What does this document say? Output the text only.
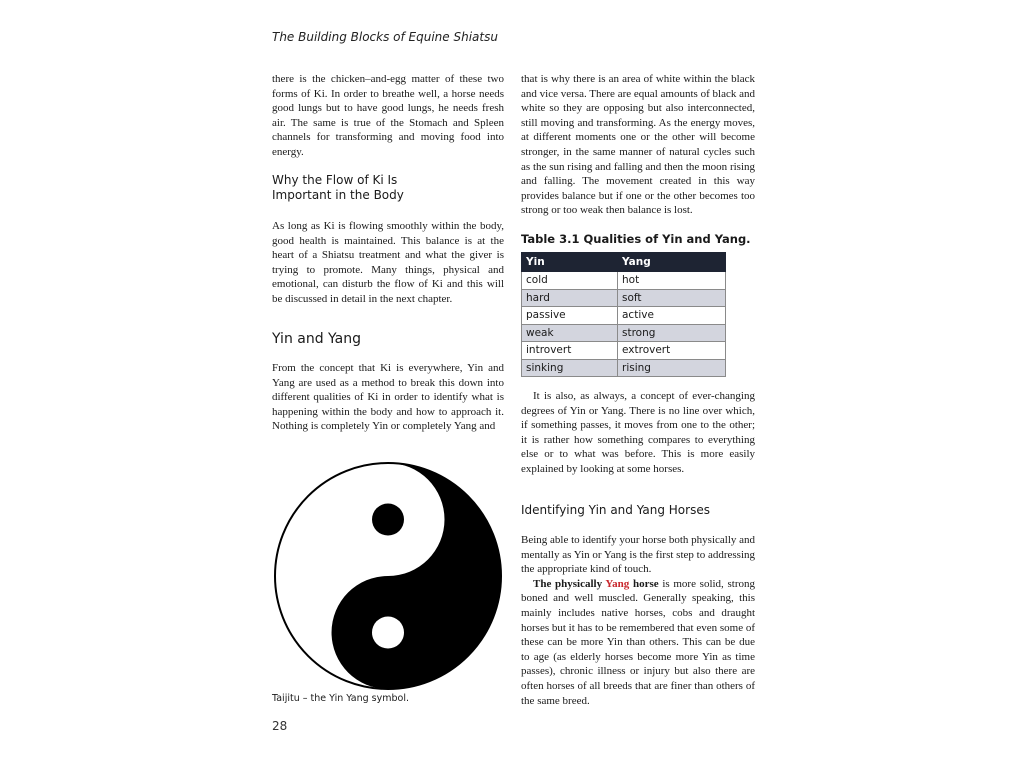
The Building Blocks of Equine Shiatsu

there is the chicken–and-egg matter of these two forms of Ki. In order to breathe well, a horse needs good lungs but to have good lungs, he needs fresh air. The same is true of the Stomach and Spleen channels for transforming and moving food into energy.

Why the Flow of Ki Is
Important in the Body

As long as Ki is flowing smoothly within the body, good health is maintained. This balance is at the heart of a Shiatsu treatment and what the giver is trying to promote. Many things, physical and emotional, can disturb the flow of Ki and this will be discussed in detail in the next chapter.

Yin and Yang

From the concept that Ki is everywhere, Yin and Yang are used as a method to break this down into different qualities of Ki in order to identify what is happening within the body and how to approach it. Nothing is completely Yin or completely Yang and

Taijitu – the Yin Yang symbol.
28

that is why there is an area of white within the black and vice versa. There are equal amounts of black and white so they are opposing but also interconnected, still moving and transforming. As the energy moves, at different moments one or the other will become stronger, in the same manner of natural cycles such as the sun rising and falling and then the moon rising and falling. The movement created in this way provides balance but if one or the other becomes too strong or too weak then balance is lost.

Table 3.1 Qualities of Yin and Yang.
Yin	Yang
cold	hot
hard	soft
passive	active
weak	strong
introvert	extrovert
sinking	rising

It is also, as always, a concept of ever-changing degrees of Yin or Yang. There is no line over which, if something passes, it moves from one to the other; it is rather how something compares to everything else or to what was before. This is more easily explained by looking at some horses.

Identifying Yin and Yang Horses

Being able to identify your horse both physically and mentally as Yin or Yang is the first step to addressing the appropriate kind of touch.

The physically Yang horse is more solid, strong boned and well muscled. Generally speaking, this mainly includes native horses, cobs and draught horses but it has to be remembered that even some of these can be more Yin than others. This can be due to age (as elderly horses become more Yin as time passes), chronic illness or injury but also there are often horses of all breeds that are finer than others of the same breed.
